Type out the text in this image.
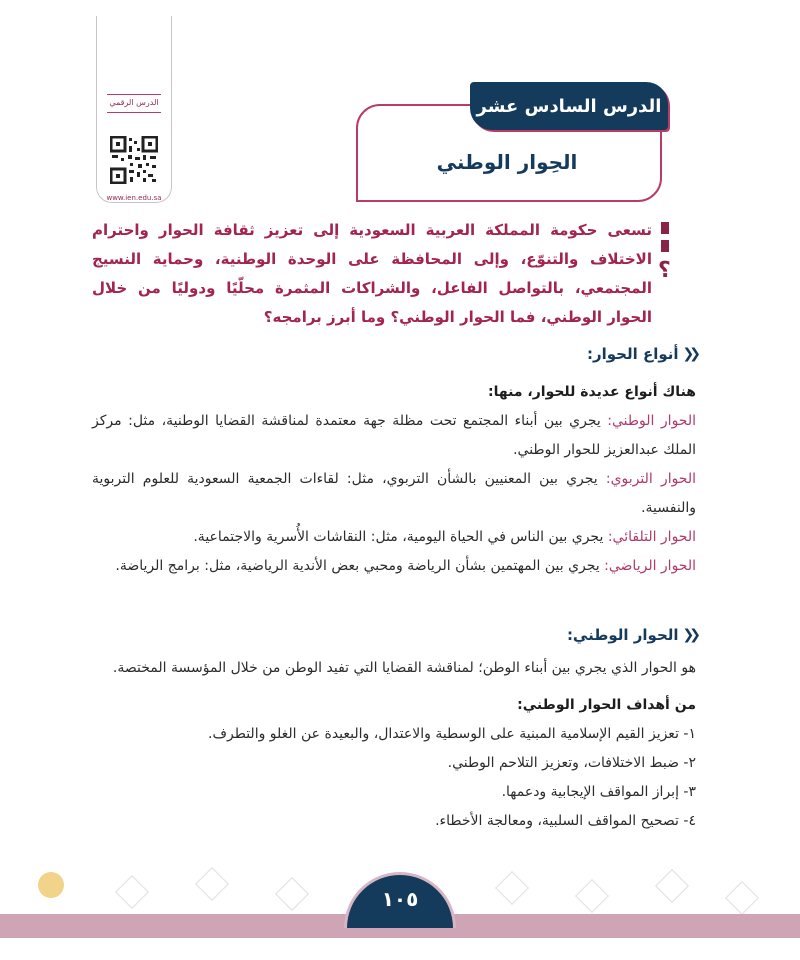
الدرس الرقمي
www.ien.edu.sa
الدرس السادس عشر
الحِوار الوطني
؟

تسعى حكومة المملكة العربية السعودية إلى تعزيز ثقافة الحوار واحترام الاختلاف والتنوّع، وإلى المحافظة على الوحدة الوطنية، وحماية النسيج المجتمعي، بالتواصل الفاعل، والشراكات المثمرة محلّيًا ودوليًا من خلال الحوار الوطني، فما الحوار الوطني؟ وما أبرز برامجه؟

❮❮
أنواع الحوار:

هناك أنواع عديدة للحوار، منها:

الحوار الوطني: يجري بين أبناء المجتمع تحت مظلة جهة معتمدة لمناقشة القضايا الوطنية، مثل: مركز الملك عبدالعزيز للحوار الوطني.

الحوار التربوي: يجري بين المعنيين بالشأن التربوي، مثل: لقاءات الجمعية السعودية للعلوم التربوية والنفسية.

الحوار التلقائي: يجري بين الناس في الحياة اليومية، مثل: النقاشات الأُسرية والاجتماعية.

الحوار الرياضي: يجري بين المهتمين بشأن الرياضة ومحبي بعض الأندية الرياضية، مثل: برامج الرياضة.

❮❮
الحوار الوطني:

هو الحوار الذي يجري بين أبناء الوطن؛ لمناقشة القضايا التي تفيد الوطن من خلال المؤسسة المختصة.

من أهداف الحوار الوطني:

١- تعزيز القيم الإسلامية المبنية على الوسطية والاعتدال، والبعيدة عن الغلو والتطرف.
٢- ضبط الاختلافات، وتعزيز التلاحم الوطني.
٣- إبراز المواقف الإيجابية ودعمها.
٤- تصحيح المواقف السلبية، ومعالجة الأخطاء.
١٠٥
